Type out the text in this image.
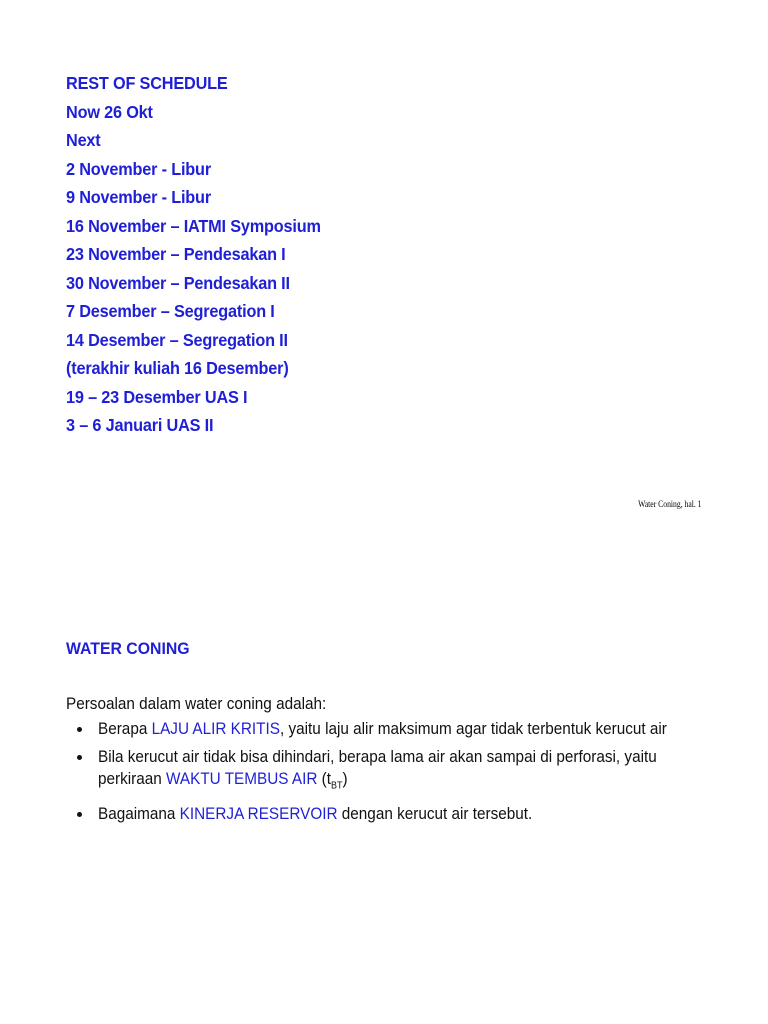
REST OF SCHEDULE
Now 26 Okt
Next
2 November - Libur
9 November - Libur
16 November – IATMI Symposium
23 November – Pendesakan I
30 November – Pendesakan II
7 Desember – Segregation I
14 Desember – Segregation II
(terakhir kuliah 16 Desember)
19 – 23 Desember UAS I
3 – 6 Januari UAS II
Water Coning, hal. 1
WATER CONING
Persoalan dalam water coning adalah:
Berapa LAJU ALIR KRITIS, yaitu laju alir maksimum agar tidak terbentuk kerucut air
Bila kerucut air tidak bisa dihindari, berapa lama air akan sampai di perforasi, yaitu perkiraan WAKTU TEMBUS AIR $(t_{BT})$
Bagaimana KINERJA RESERVOIR dengan kerucut air tersebut.
